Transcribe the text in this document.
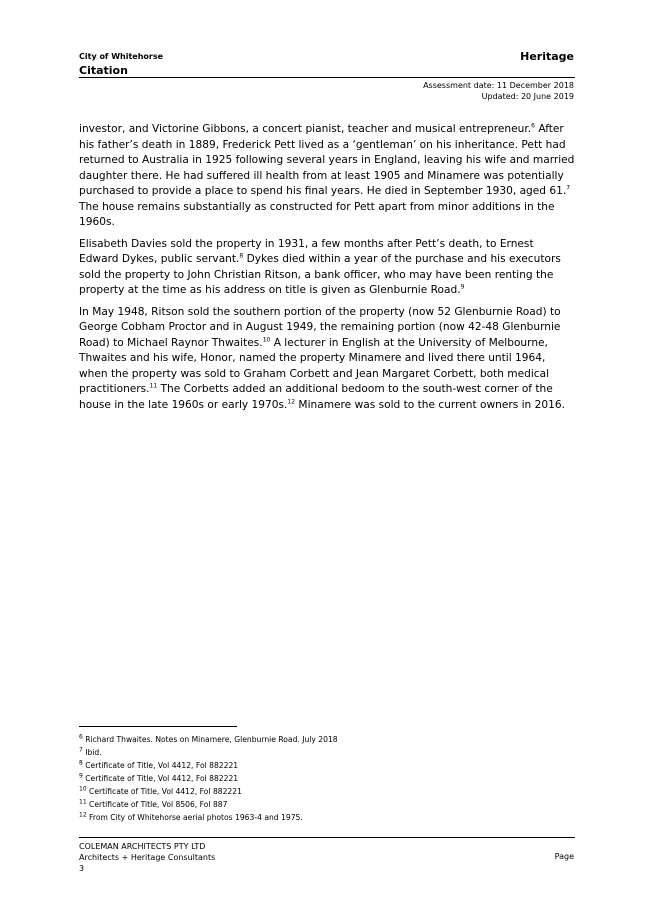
City of Whitehorse
Citation
Heritage
Assessment date: 11 December 2018
Updated: 20 June 2019

investor, and Victorine Gibbons, a concert pianist, teacher and musical entrepreneur.$^6$ After his father’s death in 1889, Frederick Pett lived as a ‘gentleman’ on his inheritance. Pett had returned to Australia in 1925 following several years in England, leaving his wife and married daughter there. He had suffered ill health from at least 1905 and Minamere was potentially purchased to provide a place to spend his final years. He died in September 1930, aged 61.$^7$ The house remains substantially as constructed for Pett apart from minor additions in the 1960s.

Elisabeth Davies sold the property in 1931, a few months after Pett’s death, to Ernest Edward Dykes, public servant.$^8$ Dykes died within a year of the purchase and his executors sold the property to John Christian Ritson, a bank officer, who may have been renting the property at the time as his address on title is given as Glenburnie Road.$^9$

In May 1948, Ritson sold the southern portion of the property (now 52 Glenburnie Road) to George Cobham Proctor and in August 1949, the remaining portion (now 42-48 Glenburnie Road) to Michael Raynor Thwaites.$^{10}$ A lecturer in English at the University of Melbourne, Thwaites and his wife, Honor, named the property Minamere and lived there until 1964, when the property was sold to Graham Corbett and Jean Margaret Corbett, both medical practitioners.$^{11}$ The Corbetts added an additional bedoom to the south-west corner of the house in the late 1960s or early 1970s.$^{12}$ Minamere was sold to the current owners in 2016.

$^6$ Richard Thwaites. Notes on Minamere, Glenburnie Road. July 2018
$^7$ Ibid.
$^8$ Certificate of Title, Vol 4412, Fol 882221
$^9$ Certificate of Title, Vol 4412, Fol 882221
$^{10}$ Certificate of Title, Vol 4412, Fol 882221
$^{11}$ Certificate of Title, Vol 8506, Fol 887
$^{12}$ From City of Whitehorse aerial photos 1963-4 and 1975.
COLEMAN ARCHITECTS PTY LTD
Architects + Heritage Consultants
3
Page
